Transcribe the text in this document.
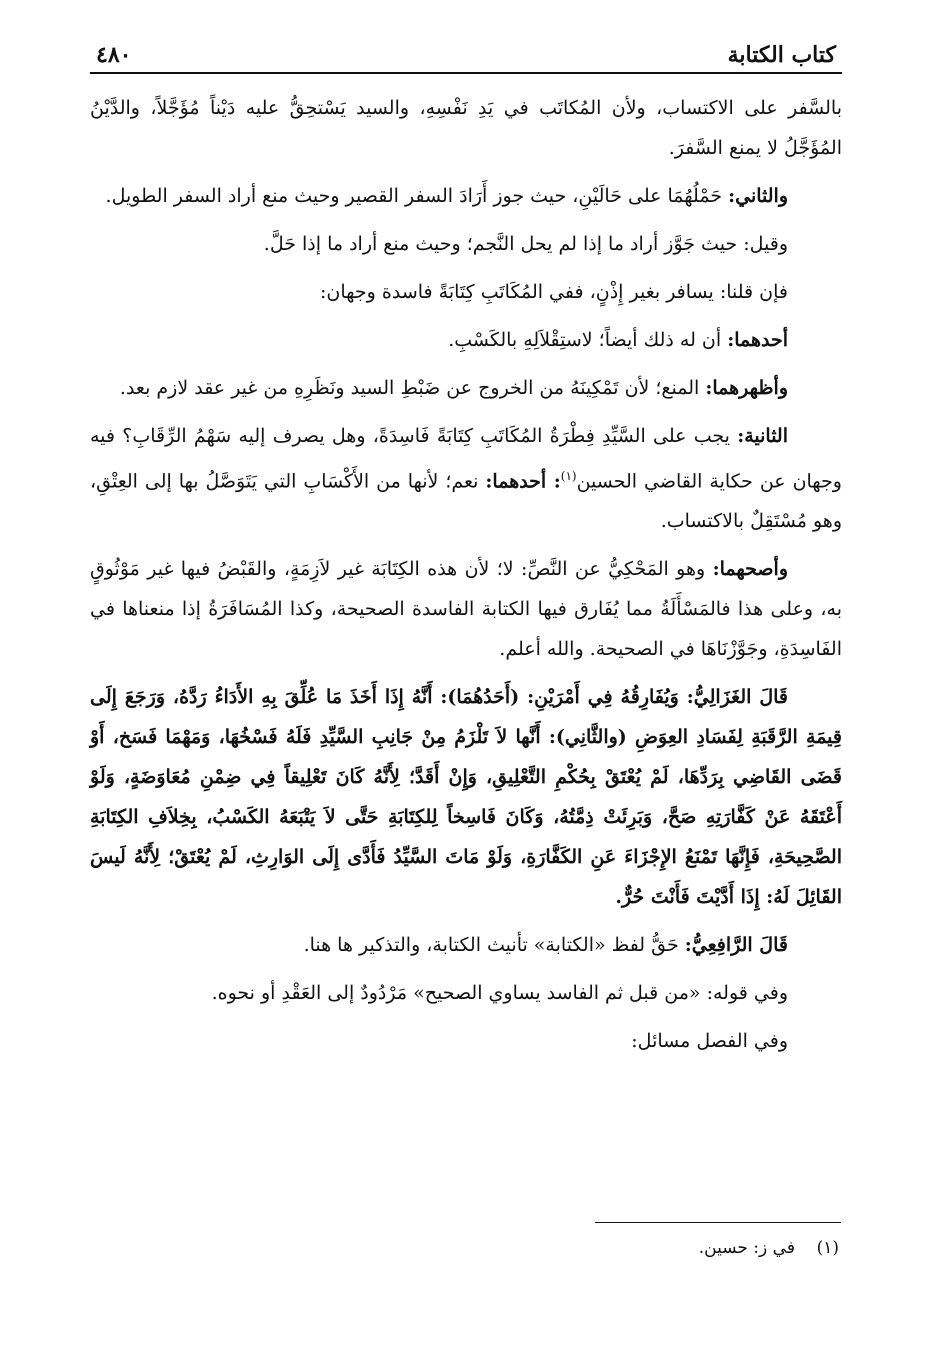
كتاب الكتابة
٤٨٠

بالسَّفر على الاكتساب، ولأن المُكاتَب في يَدِ نَفْسِهِ، والسيد يَسْتحِقُّ عليه دَيْناً مُؤَجَّلاً، والدَّيْنُ المُؤَجَّلُ لا يمنع السَّفرَ.

والثاني: حَمْلُهُمَا على حَالَيْنِ، حيث جوز أَرَادَ السفر القصير وحيث منع أراد السفر الطويل.

وقيل: حيث جَوَّز أراد ما إذا لم يحل النَّجم؛ وحيث منع أراد ما إذا حَلَّ.

فإن قلنا: يسافر بغير إِذْنٍ، ففي المُكَاتَبِ كِتَابَةً فاسدة وجهان:

أحدهما: أن له ذلك أيضاً؛ لاستِقْلاَلِهِ بالكَسْبِ.

وأظهرهما: المنع؛ لأن تَمْكِينَهُ من الخروج عن ضَبْطِ السيد ونَظَرِهِ من غير عقد لازم بعد.

الثانية: يجب على السَّيِّدِ فِطْرَةُ المُكَاتَبِ كِتَابَةً فَاسِدَةً، وهل يصرف إليه سَهْمُ الرِّقَابِ؟ فيه وجهان عن حكاية القاضي الحسين$^{(١)}$: أحدهما: نعم؛ لأنها من الأَكْسَابِ التي يَتَوَصَّلُ بها إلى العِتْقِ، وهو مُسْتَقِلٌ بالاكتساب.

وأصحهما: وهو المَحْكِيُّ عن النَّصِّ: لا؛ لأن هذه الكِتَابَة غير لاَزِمَةٍ، والقَبْضُ فيها غير مَوْثُوقٍ به، وعلى هذا فالمَسْأَلَةُ مما يُفَارق فيها الكتابة الفاسدة الصحيحة، وكذا المُسَافَرَةُ إذا منعناها في الفَاسِدَةِ، وجَوَّزْنَاهَا في الصحيحة. والله أعلم.

قَالَ الغَزَالِيُّ: وَيُفَارِقُهُ فِي أَمْرَيْنِ: (أَحَدُهُمَا): أَنَّهُ إِذَا أَخَذَ مَا عُلِّقَ بِهِ الأَدَاءُ رَدَّهُ، وَرَجَعَ إِلَى قِيمَةِ الرَّقَبَةِ لِفَسَادِ العِوَضِ (والثَّانِي): أَنَّها لاَ تَلْزَمُ مِنْ جَانِبِ السَّيِّدِ فَلَهُ فَسْخُهَا، وَمَهْمَا فَسَخ، أَوْ قَضَى القَاضِي بِرَدِّهَا، لَمْ يُعْتَقْ بِحُكْمِ التَّعْلِيقِ، وَإِنْ أَقَدَّ؛ لِأَنَّهُ كَانَ تَعْلِيقاً فِي ضِمْنِ مُعَاوَضَةٍ، وَلَوْ أَعْتَقَهُ عَنْ كَفَّارَتِهِ صَحَّ، وَبَرِئَتْ ذِمَّتُهُ، وَكَانَ فَاسِخاً لِلكِتَابَةِ حَتَّى لاَ يَتْبَعَهُ الكَسْبُ، بِخِلاَفِ الكِتَابَةِ الصَّحِيحَةِ، فَإِنَّهَا تَمْنَعُ الإِجْزَاءَ عَنِ الكَفَّارَةِ، وَلَوْ مَاتَ السَّيِّدُ فَأَدَّى إِلَى الوَارِثِ، لَمْ يُعْتَقْ؛ لِأَنَّهُ لَيسَ القَائِلَ لَهُ: إِذَا أَدَّيْتَ فَأَنْتَ حُرٌّ.

قَالَ الرَّافِعِيُّ: حَقُّ لفظ «الكتابة» تأنيث الكتابة، والتذكير ها هنا.

وفي قوله: «من قبل ثم الفاسد يساوي الصحيح» مَرْدُودٌ إلى العَقْدِ أو نحوه.

وفي الفصل مسائل:

(١)    في ز: حسين.
